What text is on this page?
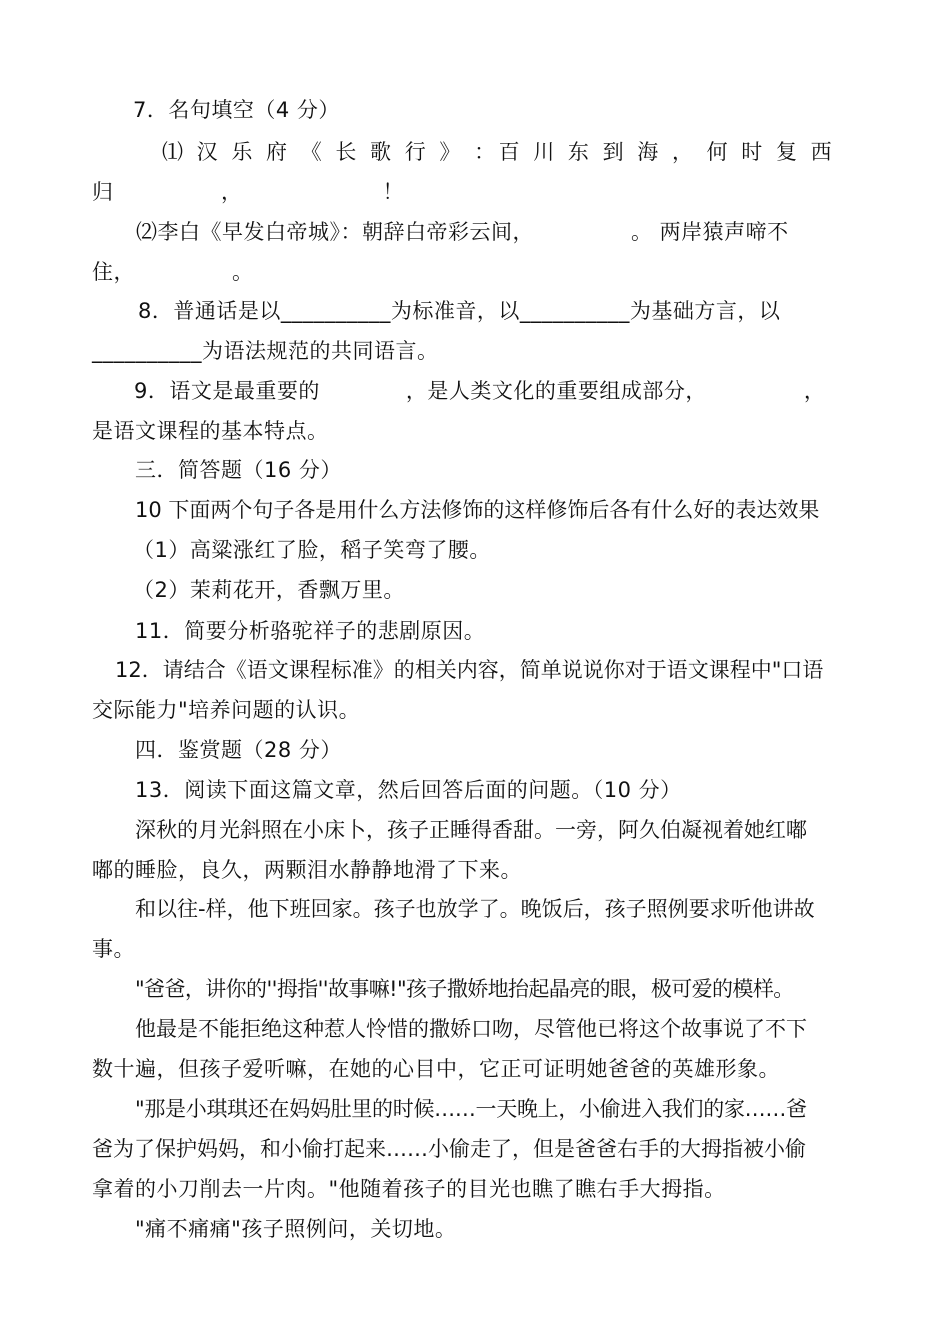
7．名句填空（4 分）
⑴ 汉 乐 府 《 长 歌 行 》 ：百 川 东 到 海 ， 何 时 复 西
归　　　　　，　　　　　　　！
⑵李白《早发白帝城》：朝辞白帝彩云间，　　　　　。 两岸猿声啼不
住，　　　　　。
8．普通话是以__________为标准音，以__________为基础方言，以
__________为语法规范的共同语言。
9．语文是最重要的　　　　，是人类文化的重要组成部分，　　　　　，
是语文课程的基本特点。
三．简答题（16 分）
10 下面两个句子各是用什么方法修饰的这样修饰后各有什么好的表达效果
（1）高粱涨红了脸，稻子笑弯了腰。
（2）茉莉花开，香飘万里。
11．简要分析骆驼祥子的悲剧原因。
12．请结合《语文课程标准》的相关内容，简单说说你对于语文课程中"口语
交际能力"培养问题的认识。
四．鉴赏题（28 分）
13．阅读下面这篇文章，然后回答后面的问题。（10 分）
深秋的月光斜照在小床卜，孩子正睡得香甜。一旁，阿久伯凝视着她红嘟
嘟的睡脸，良久，两颗泪水静静地滑了下来。
和以往-样，他下班回家。孩子也放学了。晚饭后，孩子照例要求听他讲故
事。
"爸爸，讲你的''拇指''故事嘛!"孩子撒娇地抬起晶亮的眼，极可爱的模样。
他最是不能拒绝这种惹人怜惜的撒娇口吻，尽管他已将这个故事说了不下
数十遍，但孩子爱听嘛，在她的心目中，它正可证明她爸爸的英雄形象。
"那是小琪琪还在妈妈肚里的时候……一天晚上，小偷进入我们的家……爸
爸为了保护妈妈，和小偷打起来……小偷走了，但是爸爸右手的大拇指被小偷
拿着的小刀削去一片肉。"他随着孩子的目光也瞧了瞧右手大拇指。
"痛不痛痛"孩子照例问，关切地。
